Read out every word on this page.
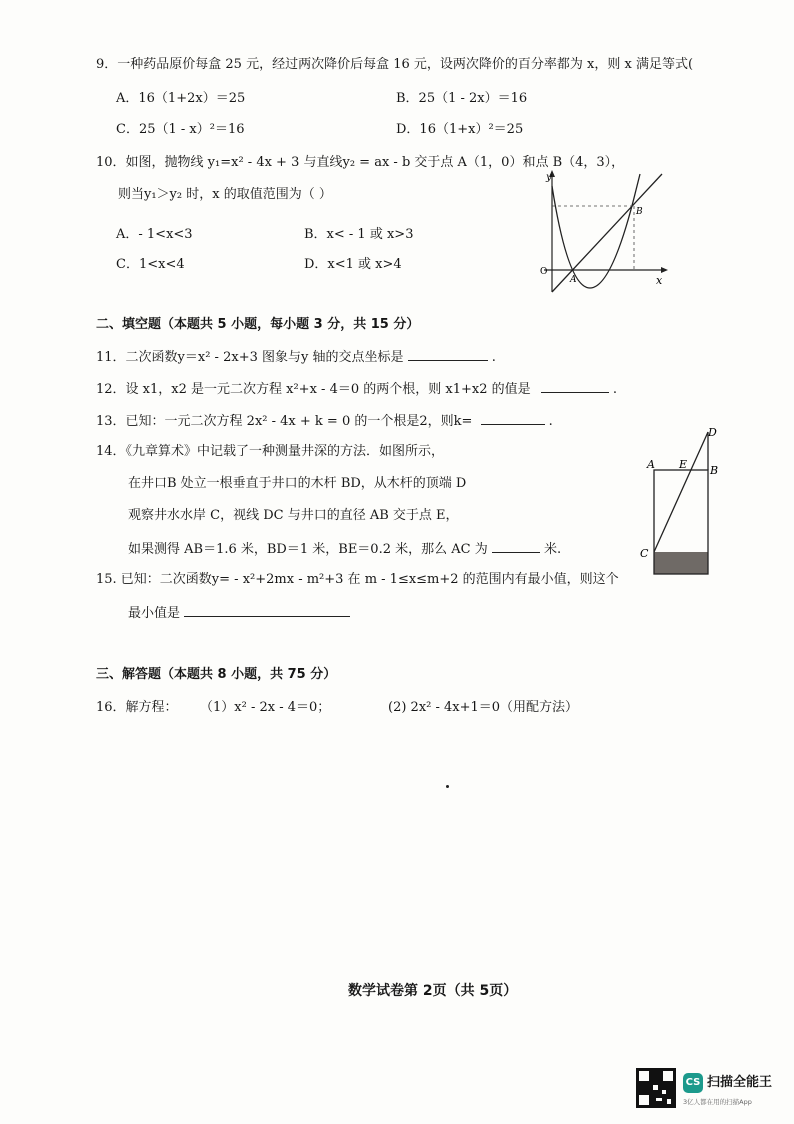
9．一种药品原价每盒 25 元，经过两次降价后每盒 16 元，设两次降价的百分率都为 x，则 x 满足等式(
A．16（1+2x）＝25	B．25（1 - 2x）＝16
C．25（1 - x）²＝16	D．16（1+x）²＝25
10．如图，抛物线 y₁=x² - 4x + 3 与直线y₂ = ax - b 交于点 A（1，0）和点 B（4，3），
则当y₁＞y₂ 时，x 的取值范围为（ ）
A．- 1<x<3	B．x< - 1 或 x>3
C．1<x<4	D．x<1 或 x>4
y
x
O
A
B
二、填空题（本题共 5 小题，每小题 3 分，共 15 分）
11．二次函数y＝x² - 2x+3 图象与y 轴的交点坐标是	.
12．设 x1，x2 是一元二次方程 x²+x - 4＝0 的两个根，则 x1+x2 的值是	.
13．已知：一元二次方程 2x² - 4x + k = 0 的一个根是2，则k=	.
14．《九章算术》中记载了一种测量井深的方法．如图所示，
在井口B 处立一根垂直于井口的木杆 BD，从木杆的顶端 D
观察井水水岸 C，视线 DC 与井口的直径 AB 交于点 E，
如果测得 AB＝1.6 米，BD＝1 米，BE＝0.2 米，那么 AC 为	米.
A E B
D
C
15. 已知：二次函数y= - x²+2mx - m²+3 在 m - 1≤x≤m+2 的范围内有最小值，则这个
最小值是
三、解答题（本题共 8 小题，共 75 分）
16．解方程： （1）x² - 2x - 4＝0；	(2) 2x² - 4x+1＝0（用配方法）
数学试卷第 2页（共 5页）
CS 扫描全能王
3亿人都在用的扫描App
